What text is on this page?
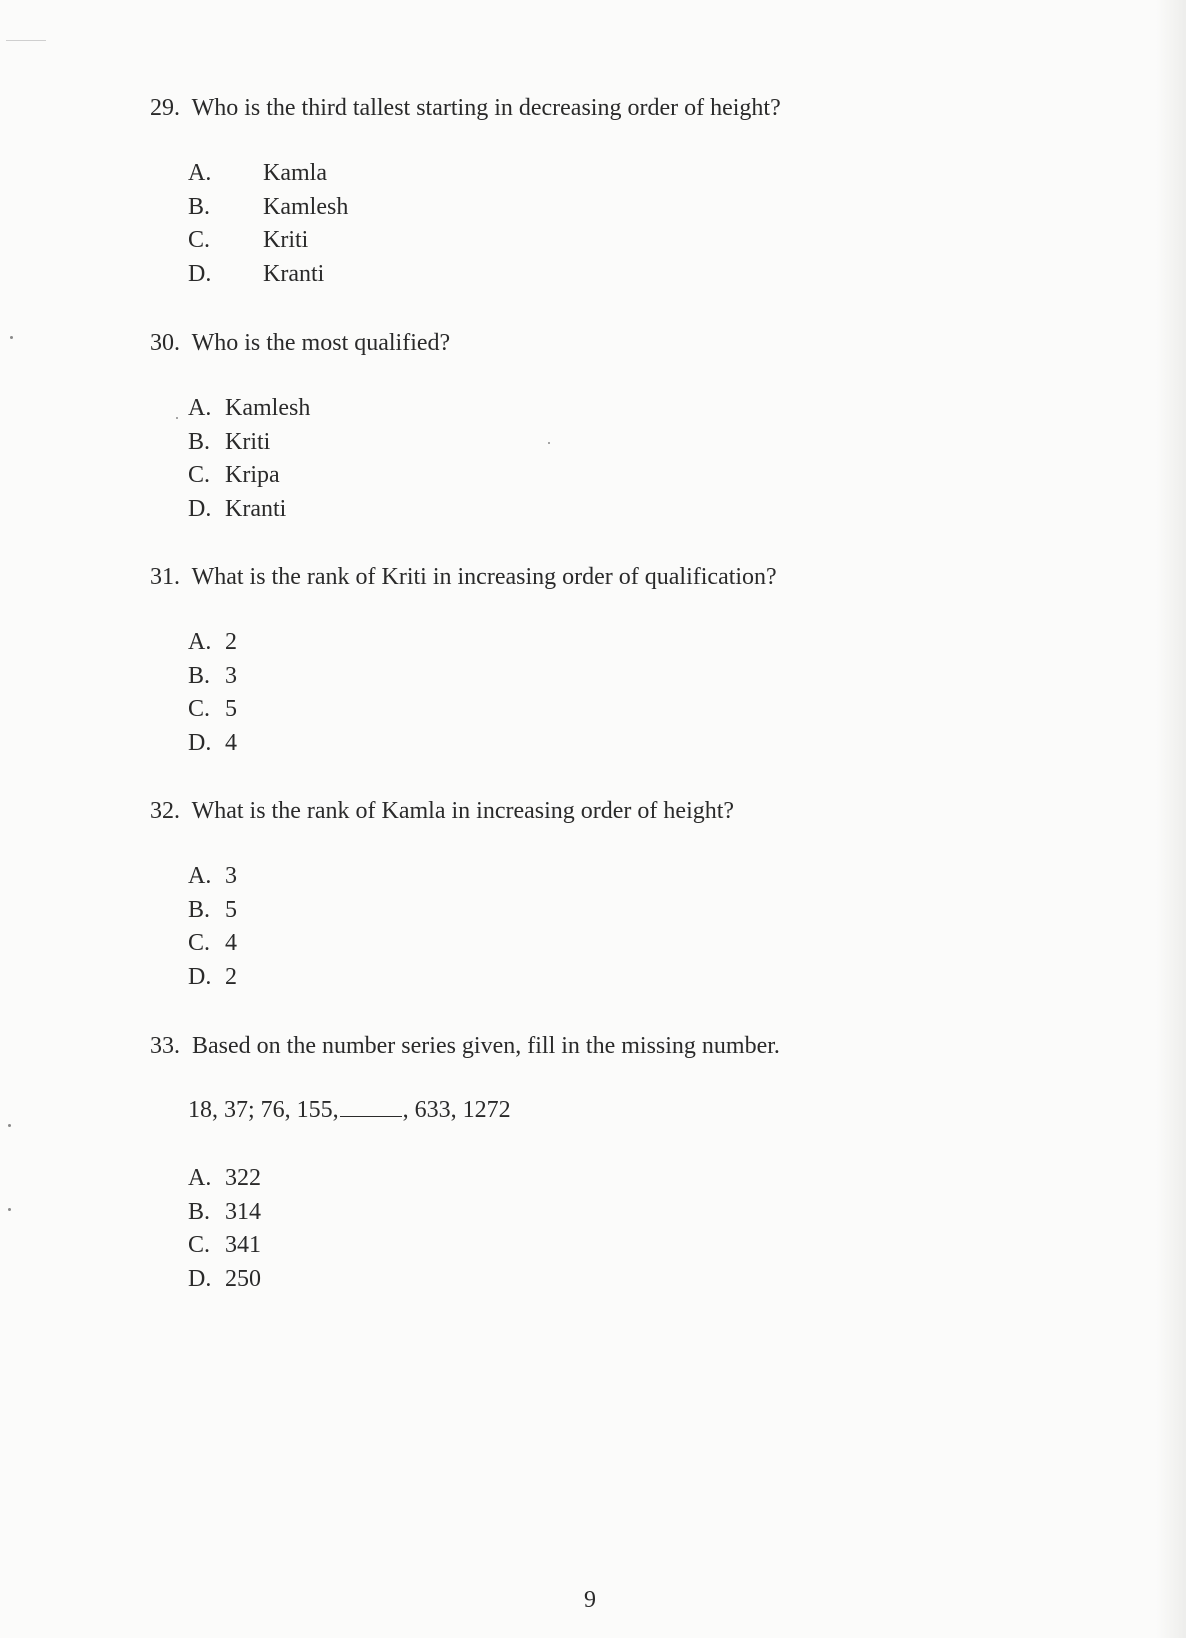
29. Who is the third tallest starting in decreasing order of height?
A. Kamla
B. Kamlesh
C. Kriti
D. Kranti
30. Who is the most qualified?
A. Kamlesh
B. Kriti
C. Kripa
D. Kranti
31. What is the rank of Kriti in increasing order of qualification?
A. 2
B. 3
C. 5
D. 4
32. What is the rank of Kamla in increasing order of height?
A. 3
B. 5
C. 4
D. 2
33. Based on the number series given, fill in the missing number.
18, 37; 76, 155,	, 633, 1272
A. 322
B. 314
C. 341
D. 250
9
